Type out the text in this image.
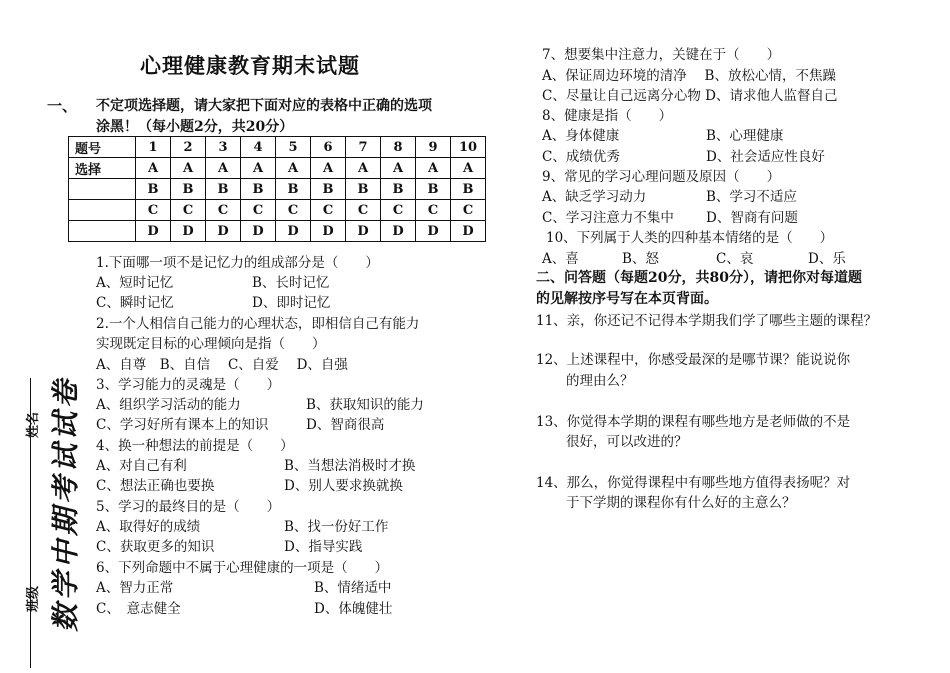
心理健康教育期末试题
一、 不定项选择题，请大家把下面对应的表格中正确的选项
涂黑！（每小题2分，共20分）
题号	1	2	3	4	5	6	7	8	9	10
选择	A	A	A	A	A	A	A	A	A	A
	B	B	B	B	B	B	B	B	B	B
	C	C	C	C	C	C	C	C	C	C
	D	D	D	D	D	D	D	D	D	D
1.下面哪一项不是记忆力的组成部分是（　　）
A、短时记忆	B、长时记忆
C、瞬时记忆	D、即时记忆
2.一个人相信自己能力的心理状态，即相信自己有能力
实现既定目标的心理倾向是指（　　）
A、自尊　B、自信　 C、自爱　 D、自强
3、学习能力的灵魂是（　　）
A、组织学习活动的能力	B、获取知识的能力
C、学习好所有课本上的知识	D、智商很高
4、换一种想法的前提是（　　）
A、对自己有利	B、当想法消极时才换
C、想法正确也要换	D、别人要求换就换
5、学习的最终目的是（　　）
A、取得好的成绩	B、找一份好工作
C、获取更多的知识	D、指导实践
6、下列命题中不属于心理健康的一项是（　　）
A、智力正常	B、情绪适中
C、　意志健全	D、体魄健壮
7、想要集中注意力，关键在于（　　）
A、保证周边环境的清净　 B、放松心情，不焦躁
C、尽量让自己远离分心物 D、请求他人监督自己
8、健康是指（　　）
A、身体健康	B、心理健康
C、成绩优秀	D、社会适应性良好
9、常见的学习心理问题及原因（　　）
A、缺乏学习动力	B、学习不适应
C、学习注意力不集中 D、智商有问题
10、下列属于人类的四种基本情绪的是（　　）
A、喜	B、怒	C、哀	D、乐
二、问答题（每题20分，共80分），请把你对每道题
的见解按序号写在本页背面。
11、亲，你还记不记得本学期我们学了哪些主题的课程？
12、上述课程中，你感受最深的是哪节课？能说说你
的理由么？
13、你觉得本学期的课程有哪些地方是老师做的不是
很好，可以改进的？
14、那么，你觉得课程中有哪些地方值得表扬呢？对
于下学期的课程你有什么好的主意么？
数学中期考试试卷
班级
姓名
